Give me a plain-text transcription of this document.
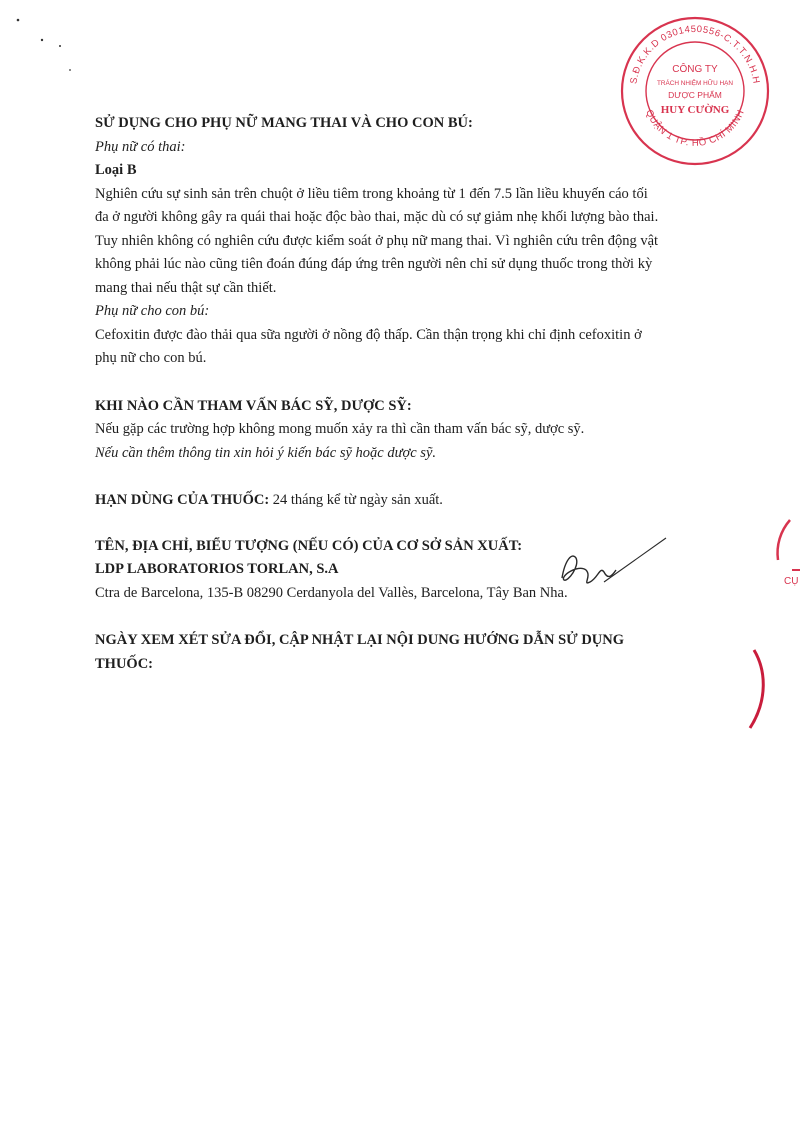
S.Đ.K.K.D 0301450556-C.T.T.N.H.H
QUẬN 1 TP. HỒ CHÍ MINH
CÔNG TY
TRÁCH NHIỆM HỮU HẠN
DƯỢC PHẨM
HUY CƯỜNG

SỬ DỤNG CHO PHỤ NỮ MANG THAI VÀ CHO CON BÚ:

Phụ nữ có thai:

Loại B

Nghiên cứu sự sinh sản trên chuột ở liều tiêm trong khoảng từ 1 đến 7.5 lần liều khuyến cáo tối

đa ở người không gây ra quái thai hoặc độc bào thai, mặc dù có sự giảm nhẹ khối lượng bào thai.

Tuy nhiên không có nghiên cứu được kiểm soát ở phụ nữ mang thai. Vì nghiên cứu trên động vật

không phải lúc nào cũng tiên đoán đúng đáp ứng trên người nên chỉ sử dụng thuốc trong thời kỳ

mang thai nếu thật sự cần thiết.

Phụ nữ cho con bú:

Cefoxitin được đào thải qua sữa người ở nồng độ thấp. Cần thận trọng khi chỉ định cefoxitin ở

phụ nữ cho con bú.

KHI NÀO CẦN THAM VẤN BÁC SỸ, DƯỢC SỸ:

Nếu gặp các trường hợp không mong muốn xảy ra thì cần tham vấn bác sỹ, dược sỹ.

Nếu cần thêm thông tin xin hỏi ý kiến bác sỹ hoặc dược sỹ.

HẠN DÙNG CỦA THUỐC: 24 tháng kể từ ngày sản xuất.

TÊN, ĐỊA CHỈ, BIỂU TƯỢNG (NẾU CÓ) CỦA CƠ SỞ SẢN XUẤT:

LDP LABORATORIOS TORLAN, S.A

Ctra de Barcelona, 135-B 08290 Cerdanyola del Vallès, Barcelona, Tây Ban Nha.

NGÀY XEM XÉT SỬA ĐỔI, CẬP NHẬT LẠI NỘI DUNG HƯỚNG DẪN SỬ DỤNG

THUỐC:

CỤ
